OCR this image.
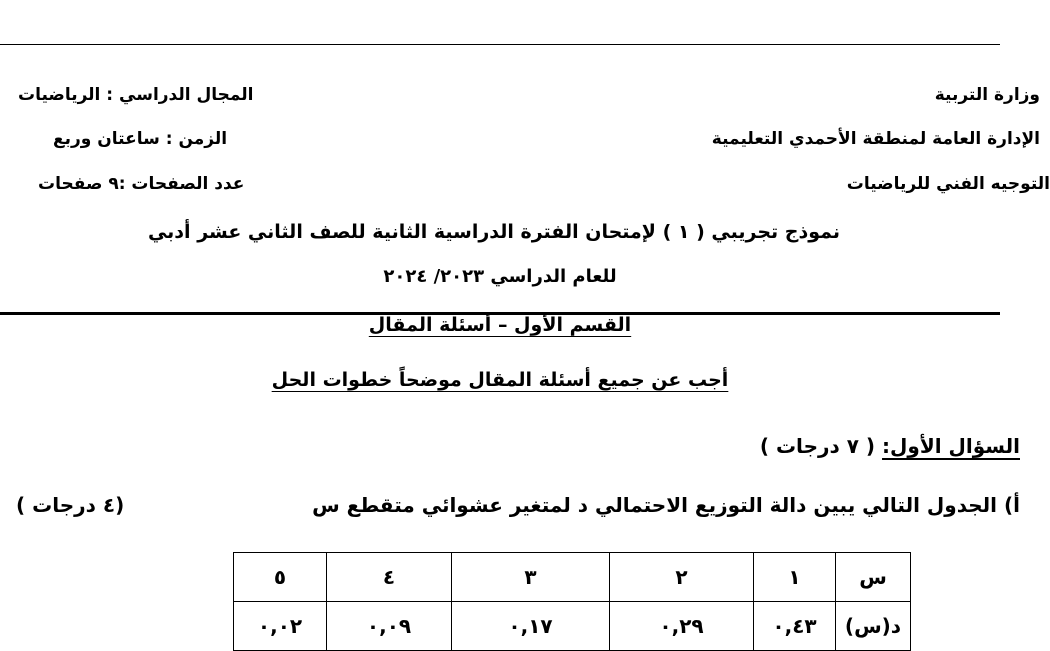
وزارة التربية
الإدارة العامة لمنطقة الأحمدي التعليمية
التوجيه الفني للرياضيات
المجال الدراسي : الرياضيات
الزمن : ساعتان وربع
عدد الصفحات :٩ صفحات
نموذج تجريبي ( ١ ) لإمتحان الفترة الدراسية الثانية للصف الثاني عشر أدبي
للعام الدراسي ٢٠٢٣/ ٢٠٢٤
القسم الأول – أسئلة المقال
أجب عن جميع أسئلة المقال موضحاً خطوات الحل
السؤال الأول: ( ٧ درجات )
أ) الجدول التالي يبين دالة التوزيع الاحتمالي د لمتغير عشوائي متقطع س
(٤ درجات )
س	١	٢	٣	٤	٥
د(س)	٠,٤٣	٠,٢٩	٠,١٧	٠,٠٩	٠,٠٢
